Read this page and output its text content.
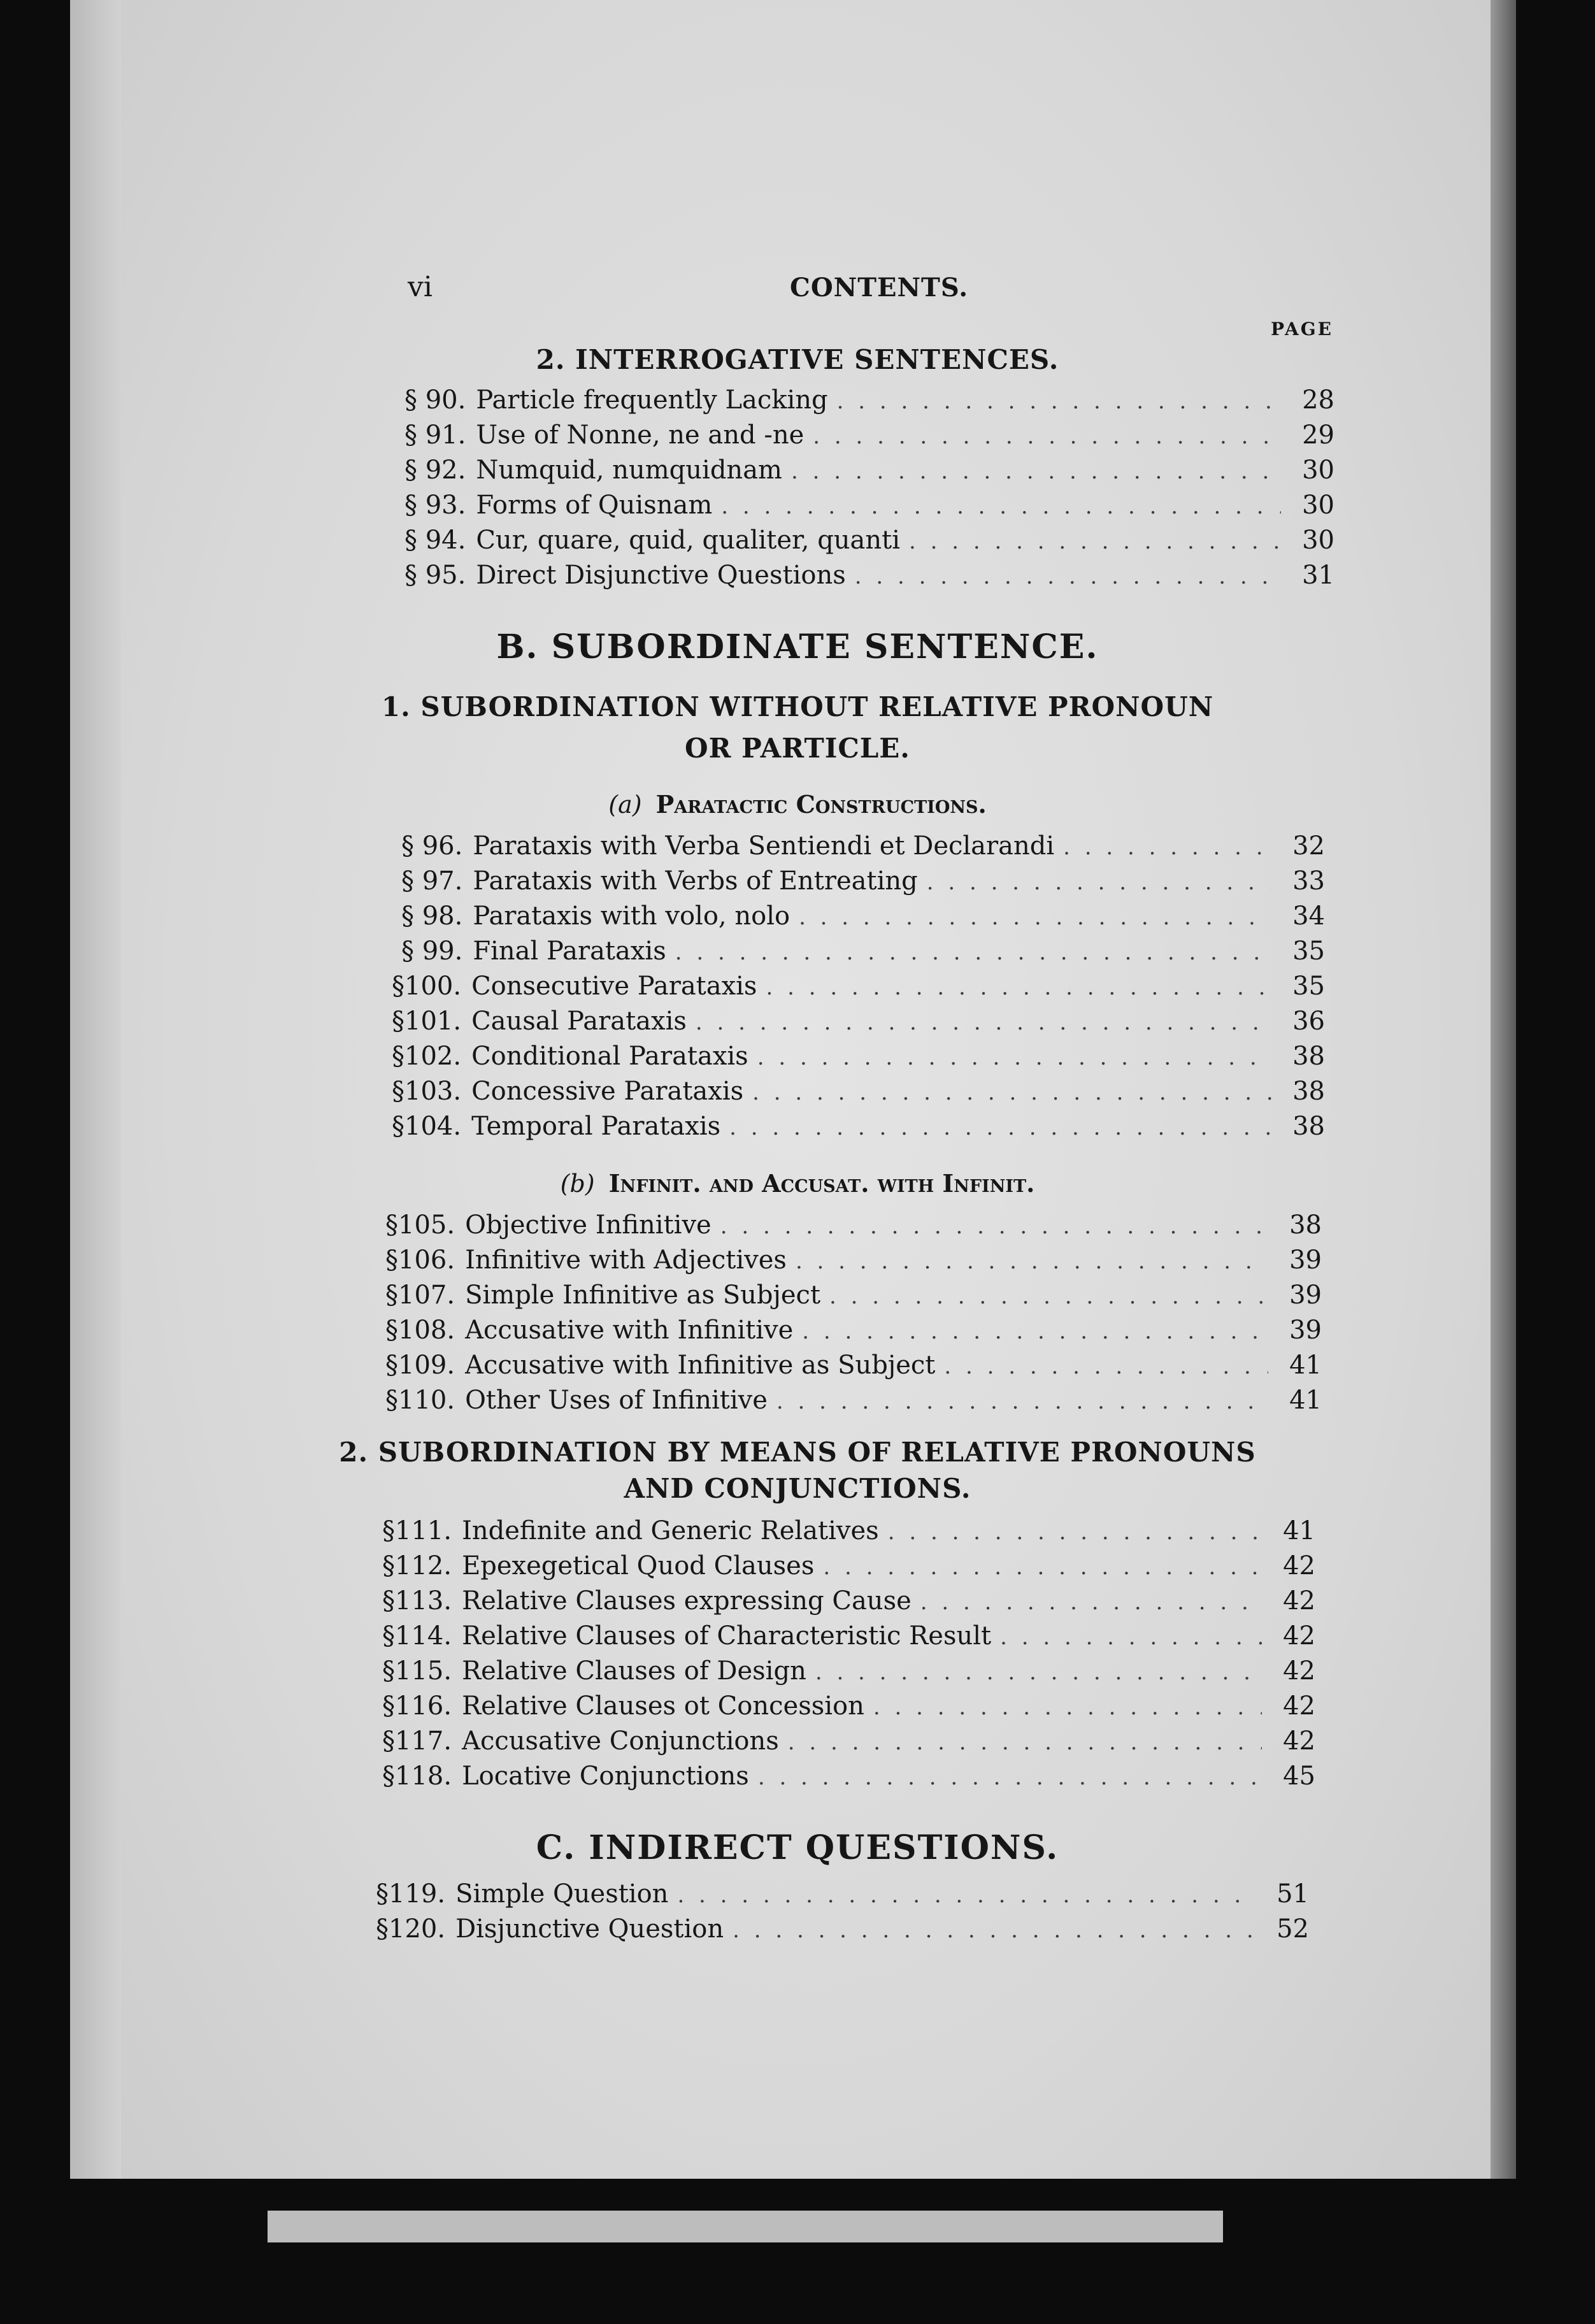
vi	CONTENTS.
PAGE
2. INTERROGATIVE SENTENCES.
§ 90. Particle frequently Lacking . . .	28
§ 91. Use of Nonne, ne and -ne . . .	29
§ 92. Numquid, numquidnam . . .	30
§ 93. Forms of Quisnam . . .	30
§ 94. Cur, quare, quid, qualiter, quanti . . .	30
§ 95. Direct Disjunctive Questions . . .	31
B. SUBORDINATE SENTENCE.
1. SUBORDINATION WITHOUT RELATIVE PRONOUN
OR PARTICLE.
(a) Paratactic Constructions.
§ 96. Parataxis with Verba Sentiendi et Declarandi . . .	32
§ 97. Parataxis with Verbs of Entreating . . .	33
§ 98. Parataxis with volo, nolo . . .	34
§ 99. Final Parataxis . . .	35
§100. Consecutive Parataxis . . .	35
§101. Causal Parataxis . . .	36
§102. Conditional Parataxis . . .	38
§103. Concessive Parataxis . . .	38
§104. Temporal Parataxis . . .	38
(b) Infinit. and Accusat. with Infinit.
§105. Objective Infinitive . . .	38
§106. Infinitive with Adjectives . . .	39
§107. Simple Infinitive as Subject . . .	39
§108. Accusative with Infinitive . . .	39
§109. Accusative with Infinitive as Subject . . .	41
§110. Other Uses of Infinitive . . .	41
2. SUBORDINATION BY MEANS OF RELATIVE PRONOUNS
AND CONJUNCTIONS.
§111. Indefinite and Generic Relatives . . .	41
§112. Epexegetical Quod Clauses . . .	42
§113. Relative Clauses expressing Cause . . .	42
§114. Relative Clauses of Characteristic Result . . .	42
§115. Relative Clauses of Design . . .	42
§116. Relative Clauses ot Concession . . .	42
§117. Accusative Conjunctions . . .	42
§118. Locative Conjunctions . . .	45
C. INDIRECT QUESTIONS.
§119. Simple Question . . .	51
§120. Disjunctive Question . . .	52
